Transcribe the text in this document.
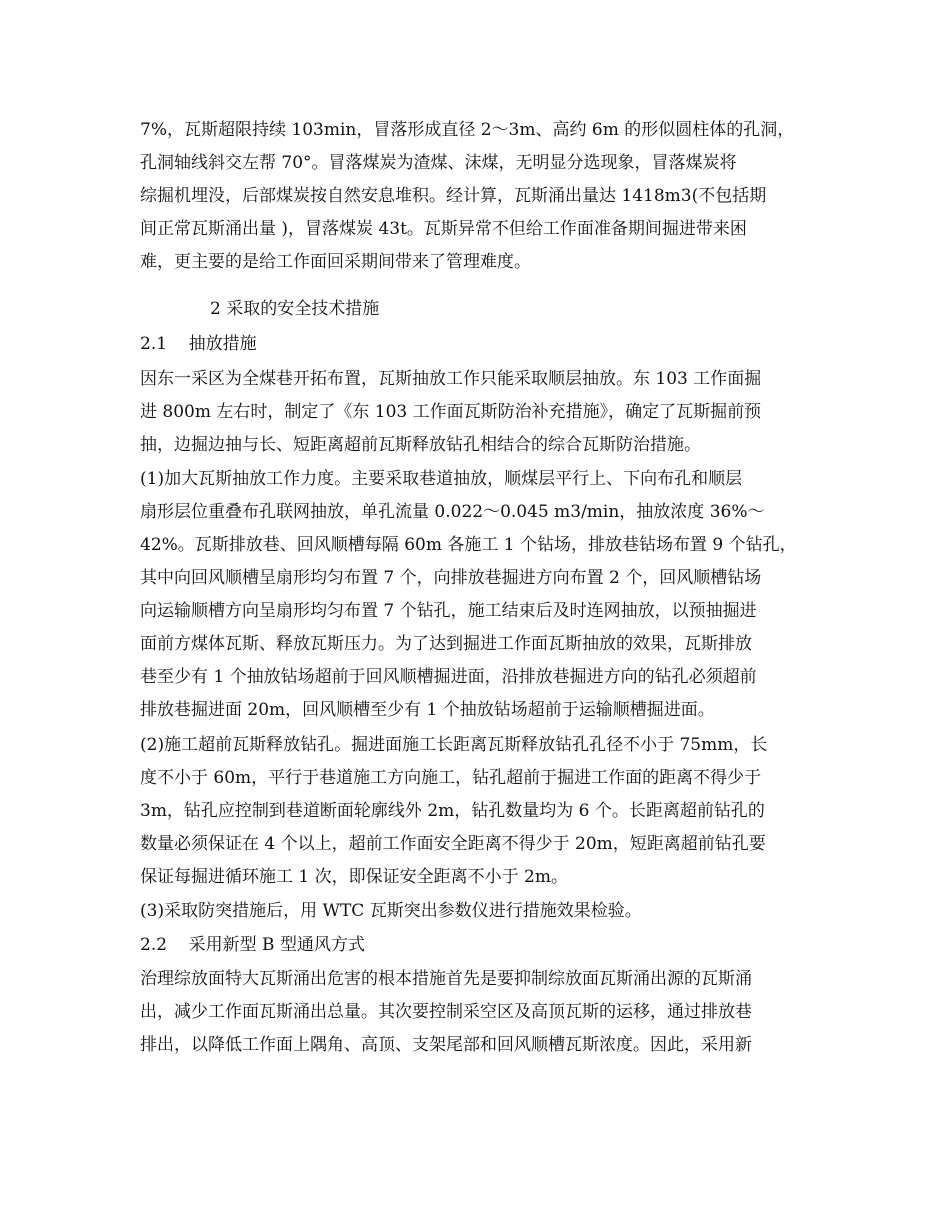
7%，瓦斯超限持续 103min，冒落形成直径 2～3m、高约 6m 的形似圆柱体的孔洞，
孔洞轴线斜交左帮 70°。冒落煤炭为渣煤、沫煤，无明显分选现象，冒落煤炭将
综掘机埋没，后部煤炭按自然安息堆积。经计算，瓦斯涌出量达 1418m3(不包括期
间正常瓦斯涌出量 )，冒落煤炭 43t。瓦斯异常不但给工作面准备期间掘进带来困
难，更主要的是给工作面回采期间带来了管理难度。
2 采取的安全技术措施
2.1    抽放措施
因东一采区为全煤巷开拓布置，瓦斯抽放工作只能采取顺层抽放。东 103 工作面掘
进 800m 左右时，制定了《东 103 工作面瓦斯防治补充措施》，确定了瓦斯掘前预
抽，边掘边抽与长、短距离超前瓦斯释放钻孔相结合的综合瓦斯防治措施。
(1)加大瓦斯抽放工作力度。主要采取巷道抽放，顺煤层平行上、下向布孔和顺层
扇形层位重叠布孔联网抽放，单孔流量 0.022～0.045 m3/min，抽放浓度 36%～
42%。瓦斯排放巷、回风顺槽每隔 60m 各施工 1 个钻场，排放巷钻场布置 9 个钻孔，
其中向回风顺槽呈扇形均匀布置 7 个，向排放巷掘进方向布置 2 个，回风顺槽钻场
向运输顺槽方向呈扇形均匀布置 7 个钻孔，施工结束后及时连网抽放，以预抽掘进
面前方煤体瓦斯、释放瓦斯压力。为了达到掘进工作面瓦斯抽放的效果，瓦斯排放
巷至少有 1 个抽放钻场超前于回风顺槽掘进面，沿排放巷掘进方向的钻孔必须超前
排放巷掘进面 20m，回风顺槽至少有 1 个抽放钻场超前于运输顺槽掘进面。
(2)施工超前瓦斯释放钻孔。掘进面施工长距离瓦斯释放钻孔孔径不小于 75mm，长
度不小于 60m，平行于巷道施工方向施工，钻孔超前于掘进工作面的距离不得少于
3m，钻孔应控制到巷道断面轮廓线外 2m，钻孔数量均为 6 个。长距离超前钻孔的
数量必须保证在 4 个以上，超前工作面安全距离不得少于 20m，短距离超前钻孔要
保证每掘进循环施工 1 次，即保证安全距离不小于 2m。
(3)采取防突措施后，用 WTC 瓦斯突出参数仪进行措施效果检验。
2.2    采用新型 B 型通风方式
治理综放面特大瓦斯涌出危害的根本措施首先是要抑制综放面瓦斯涌出源的瓦斯涌
出，减少工作面瓦斯涌出总量。其次要控制采空区及高顶瓦斯的运移，通过排放巷
排出，以降低工作面上隅角、高顶、支架尾部和回风顺槽瓦斯浓度。因此，采用新
